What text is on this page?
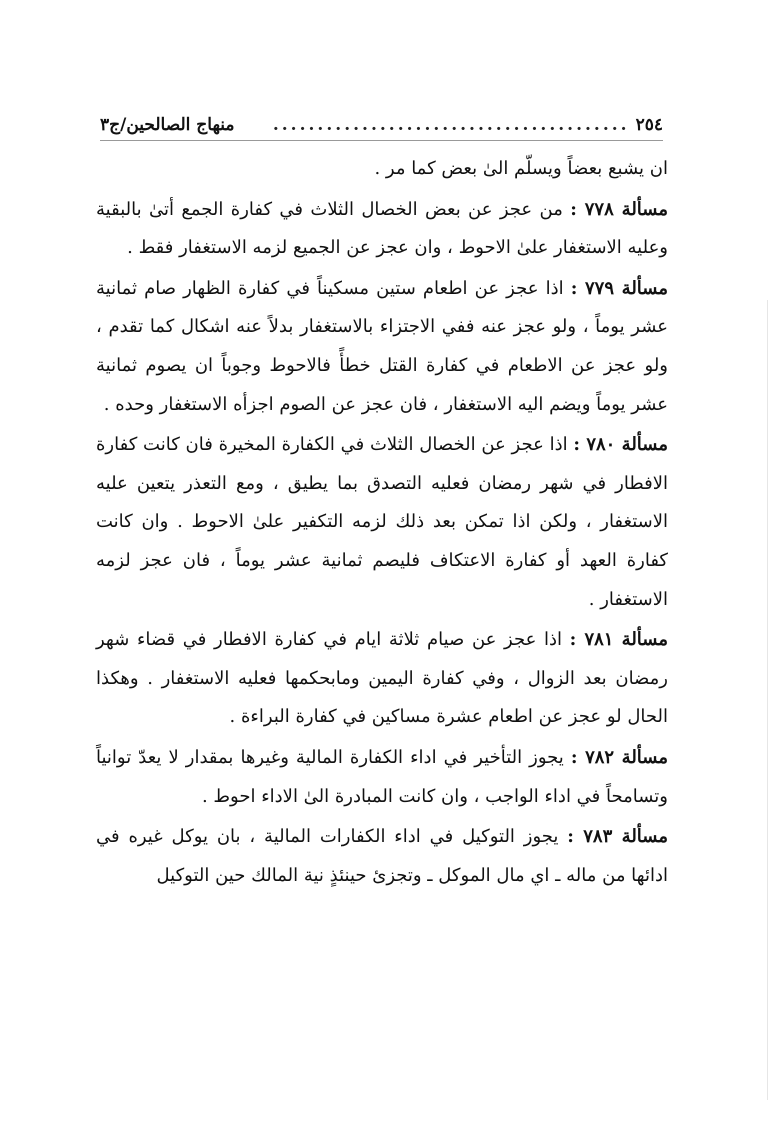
٢٥٤
........................................
منهاج الصالحين/ج٣

ان يشبع بعضاً ويسلّم الىٰ بعض كما مر .

مسألة ٧٧٨ : من عجز عن بعض الخصال الثلاث في كفارة الجمع أتىٰ بالبقية وعليه الاستغفار علىٰ الاحوط ، وان عجز عن الجميع لزمه الاستغفار فقط .

مسألة ٧٧٩ : اذا عجز عن اطعام ستين مسكيناً في كفارة الظهار صام ثمانية عشر يوماً ، ولو عجز عنه ففي الاجتزاء بالاستغفار بدلاً عنه اشكال كما تقدم ، ولو عجز عن الاطعام في كفارة القتل خطأً فالاحوط وجوباً ان يصوم ثمانية عشر يوماً ويضم اليه الاستغفار ، فان عجز عن الصوم اجزأه الاستغفار وحده .

مسألة ٧٨٠ : اذا عجز عن الخصال الثلاث في الكفارة المخيرة فان كانت كفارة الافطار في شهر رمضان فعليه التصدق بما يطيق ، ومع التعذر يتعين عليه الاستغفار ، ولكن اذا تمكن بعد ذلك لزمه التكفير علىٰ الاحوط . وان كانت كفارة العهد أو كفارة الاعتكاف فليصم ثمانية عشر يوماً ، فان عجز لزمه الاستغفار .

مسألة ٧٨١ : اذا عجز عن صيام ثلاثة ايام في كفارة الافطار في قضاء شهر رمضان بعد الزوال ، وفي كفارة اليمين ومابحكمها فعليه الاستغفار . وهكذا الحال لو عجز عن اطعام عشرة مساكين في كفارة البراءة .

مسألة ٧٨٢ : يجوز التأخير في اداء الكفارة المالية وغيرها بمقدار لا يعدّ توانياً وتسامحاً في اداء الواجب ، وان كانت المبادرة الىٰ الاداء احوط .

مسألة ٧٨٣ : يجوز التوكيل في اداء الكفارات المالية ، بان يوكل غيره في ادائها من ماله ـ اي مال الموكل ـ وتجزئ حينئذٍ نية المالك حين التوكيل
